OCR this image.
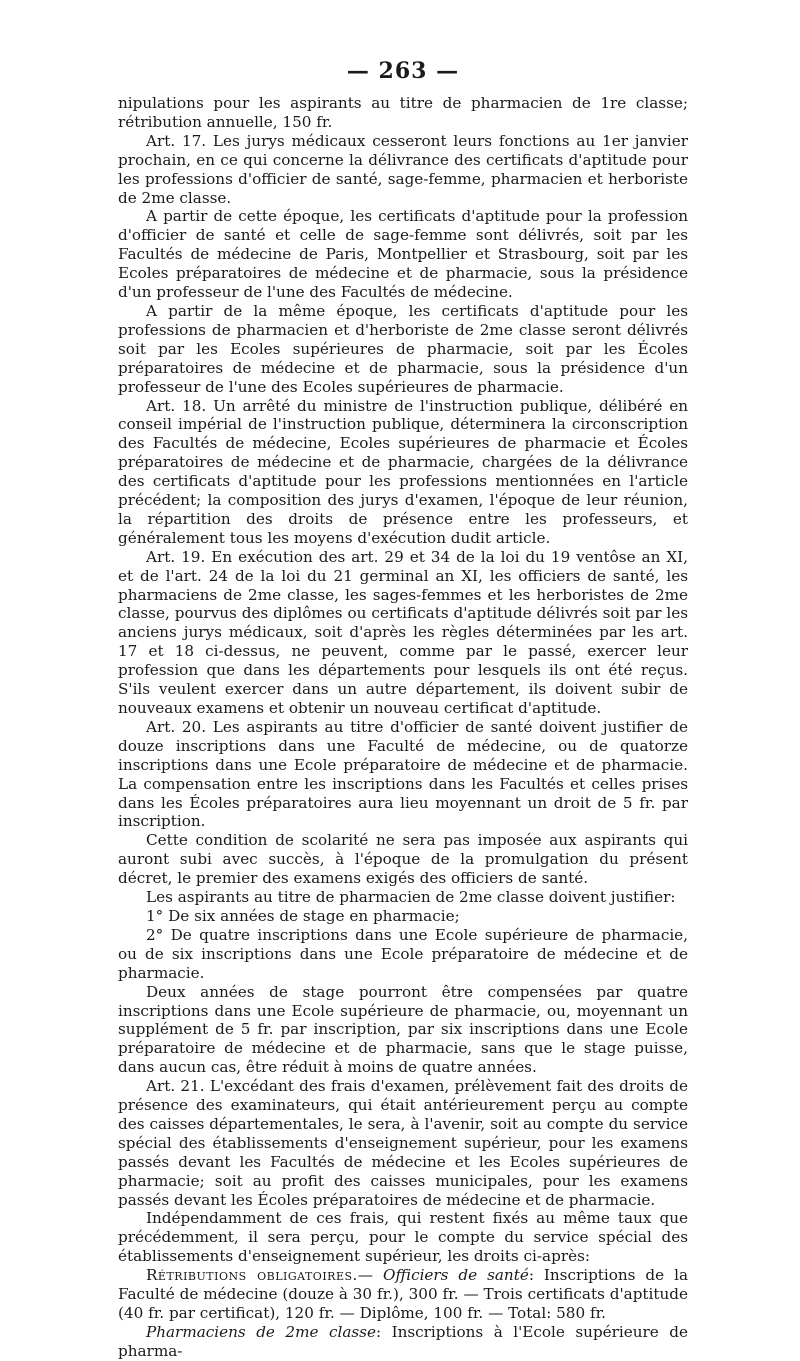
— 263 —

nipulations pour les aspirants au titre de pharmacien de 1re classe; rétribution annuelle, 150 fr.

Art. 17. Les jurys médicaux cesseront leurs fonctions au 1er janvier prochain, en ce qui concerne la délivrance des certificats d'aptitude pour les professions d'officier de santé, sage-femme, pharmacien et herboriste de 2me classe.

A partir de cette époque, les certificats d'aptitude pour la profession d'officier de santé et celle de sage-femme sont délivrés, soit par les Facultés de médecine de Paris, Montpellier et Strasbourg, soit par les Ecoles préparatoires de médecine et de pharmacie, sous la présidence d'un professeur de l'une des Facultés de médecine.

A partir de la même époque, les certificats d'aptitude pour les professions de pharmacien et d'herboriste de 2me classe seront délivrés soit par les Ecoles supérieures de pharmacie, soit par les Écoles préparatoires de médecine et de pharmacie, sous la présidence d'un professeur de l'une des Ecoles supérieures de pharmacie.

Art. 18. Un arrêté du ministre de l'instruction publique, délibéré en conseil impérial de l'instruction publique, déterminera la circonscription des Facultés de médecine, Ecoles supérieures de pharmacie et Écoles préparatoires de médecine et de pharmacie, chargées de la délivrance des certificats d'aptitude pour les professions mentionnées en l'article précédent; la composition des jurys d'examen, l'époque de leur réunion, la répartition des droits de présence entre les professeurs, et généralement tous les moyens d'exécution dudit article.

Art. 19. En exécution des art. 29 et 34 de la loi du 19 ventôse an XI, et de l'art. 24 de la loi du 21 germinal an XI, les officiers de santé, les pharmaciens de 2me classe, les sages-femmes et les herboristes de 2me classe, pourvus des diplômes ou certificats d'aptitude délivrés soit par les anciens jurys médicaux, soit d'après les règles déterminées par les art. 17 et 18 ci-dessus, ne peuvent, comme par le passé, exercer leur profession que dans les départements pour lesquels ils ont été reçus. S'ils veulent exercer dans un autre département, ils doivent subir de nouveaux examens et obtenir un nouveau certificat d'aptitude.

Art. 20. Les aspirants au titre d'officier de santé doivent justifier de douze inscriptions dans une Faculté de médecine, ou de quatorze inscriptions dans une Ecole préparatoire de médecine et de pharmacie. La compensation entre les inscriptions dans les Facultés et celles prises dans les Écoles préparatoires aura lieu moyennant un droit de 5 fr. par inscription.

Cette condition de scolarité ne sera pas imposée aux aspirants qui auront subi avec succès, à l'époque de la promulgation du présent décret, le premier des examens exigés des officiers de santé.

Les aspirants au titre de pharmacien de 2me classe doivent justifier:

1° De six années de stage en pharmacie;

2° De quatre inscriptions dans une Ecole supérieure de pharmacie, ou de six inscriptions dans une Ecole préparatoire de médecine et de pharmacie.

Deux années de stage pourront être compensées par quatre inscriptions dans une Ecole supérieure de pharmacie, ou, moyennant un supplément de 5 fr. par inscription, par six inscriptions dans une Ecole préparatoire de médecine et de pharmacie, sans que le stage puisse, dans aucun cas, être réduit à moins de quatre années.

Art. 21. L'excédant des frais d'examen, prélèvement fait des droits de présence des examinateurs, qui était antérieurement perçu au compte des caisses départementales, le sera, à l'avenir, soit au compte du service spécial des établissements d'enseignement supérieur, pour les examens passés devant les Facultés de médecine et les Ecoles supérieures de pharmacie; soit au profit des caisses municipales, pour les examens passés devant les Écoles préparatoires de médecine et de pharmacie.

Indépendamment de ces frais, qui restent fixés au même taux que précédemment, il sera perçu, pour le compte du service spécial des établissements d'enseignement supérieur, les droits ci-après:

Rétributions obligatoires.— Officiers de santé: Inscriptions de la Faculté de médecine (douze à 30 fr.), 300 fr. — Trois certificats d'aptitude (40 fr. par certificat), 120 fr. — Diplôme, 100 fr. — Total: 580 fr.

Pharmaciens de 2me classe: Inscriptions à l'Ecole supérieure de pharma-
